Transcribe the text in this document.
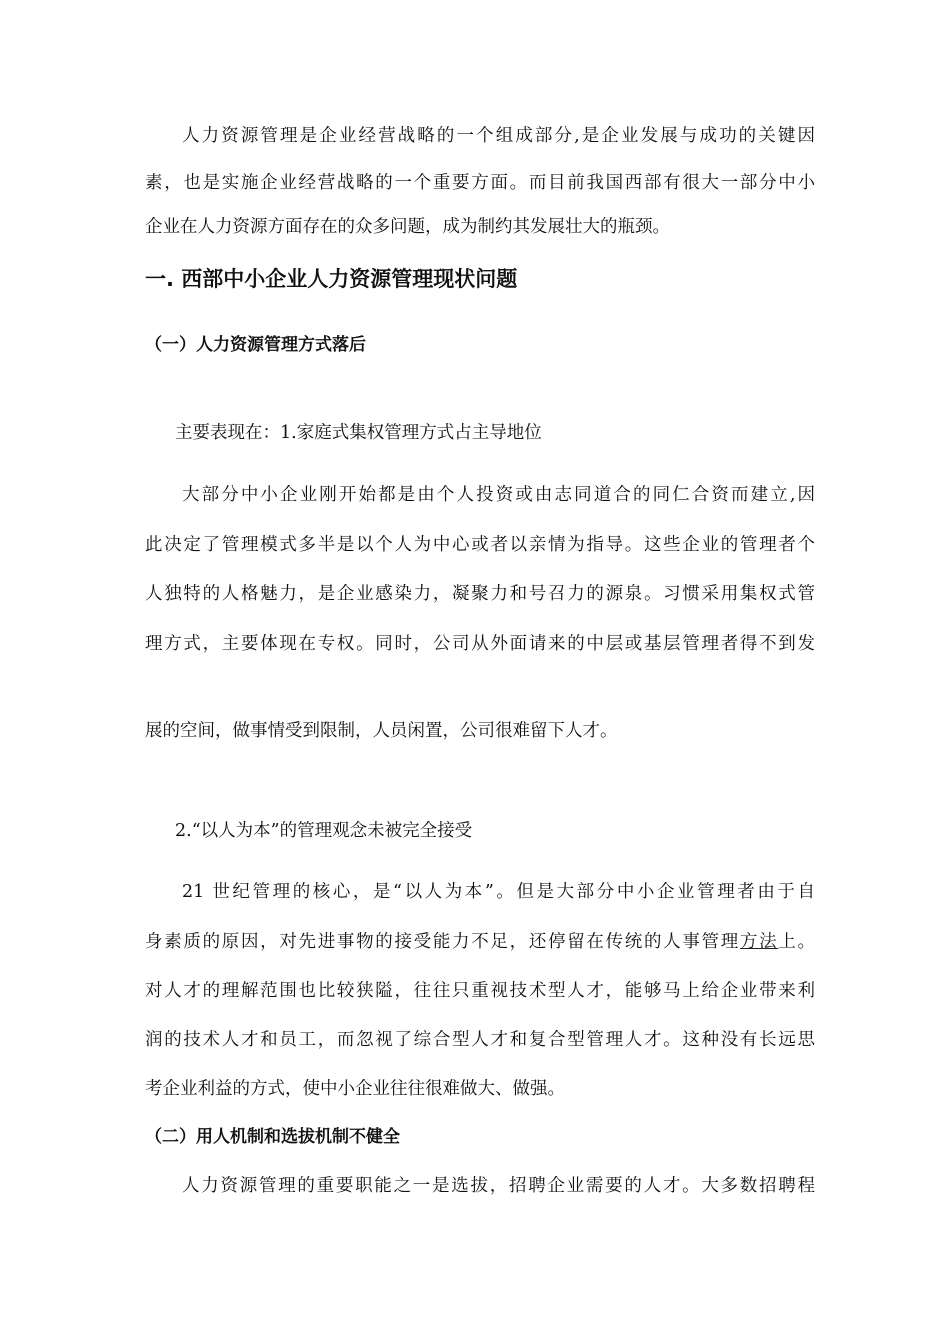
人力资源管理是企业经营战略的一个组成部分,是企业发展与成功的关键因
素，也是实施企业经营战略的一个重要方面。而目前我国西部有很大一部分中小
企业在人力资源方面存在的众多问题，成为制约其发展壮大的瓶颈。
一. 西部中小企业人力资源管理现状问题
（一）人力资源管理方式落后
主要表现在：1.家庭式集权管理方式占主导地位
大部分中小企业刚开始都是由个人投资或由志同道合的同仁合资而建立,因
此决定了管理模式多半是以个人为中心或者以亲情为指导。这些企业的管理者个
人独特的人格魅力，是企业感染力，凝聚力和号召力的源泉。习惯采用集权式管
理方式，主要体现在专权。同时，公司从外面请来的中层或基层管理者得不到发
展的空间，做事情受到限制，人员闲置，公司很难留下人才。
2.“以人为本”的管理观念未被完全接受
21 世纪管理的核心，是“以人为本”。但是大部分中小企业管理者由于自
身素质的原因，对先进事物的接受能力不足，还停留在传统的人事管理方法上。
对人才的理解范围也比较狭隘，往往只重视技术型人才，能够马上给企业带来利
润的技术人才和员工，而忽视了综合型人才和复合型管理人才。这种没有长远思
考企业利益的方式，使中小企业往往很难做大、做强。
（二）用人机制和选拔机制不健全
人力资源管理的重要职能之一是选拔，招聘企业需要的人才。大多数招聘程
